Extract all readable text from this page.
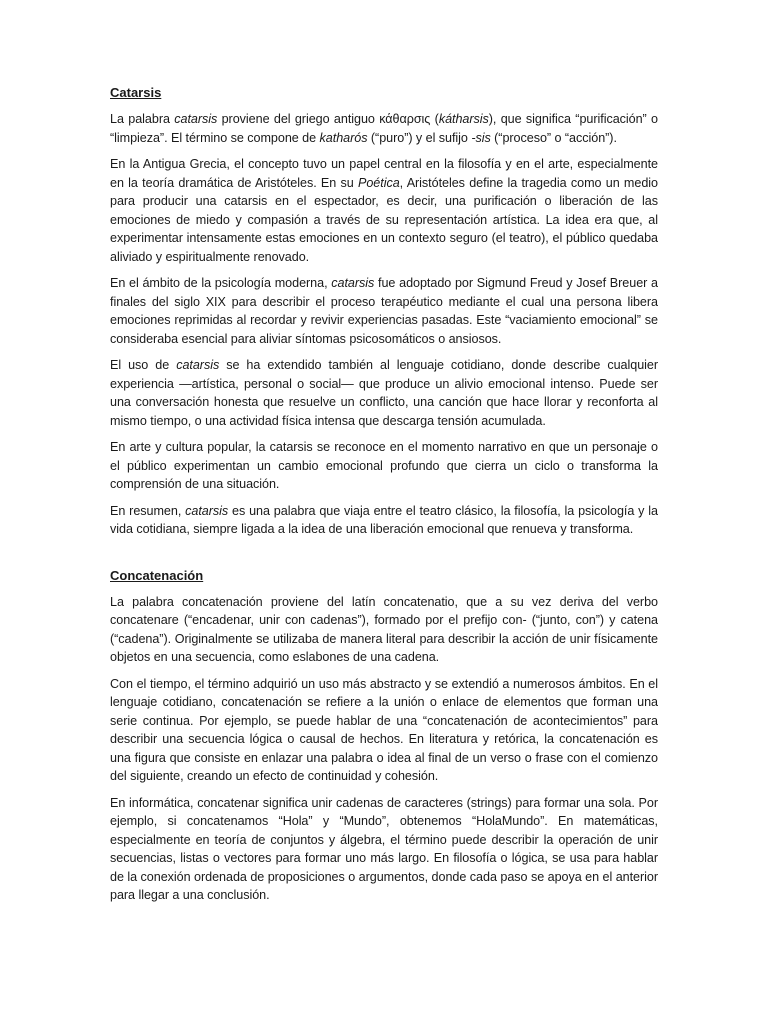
Catarsis

La palabra catarsis proviene del griego antiguo κάθαρσις (kátharsis), que significa “purificación” o “limpieza”. El término se compone de katharós (“puro”) y el sufijo -sis (“proceso” o “acción”).

En la Antigua Grecia, el concepto tuvo un papel central en la filosofía y en el arte, especialmente en la teoría dramática de Aristóteles. En su Poética, Aristóteles define la tragedia como un medio para producir una catarsis en el espectador, es decir, una purificación o liberación de las emociones de miedo y compasión a través de su representación artística. La idea era que, al experimentar intensamente estas emociones en un contexto seguro (el teatro), el público quedaba aliviado y espiritualmente renovado.

En el ámbito de la psicología moderna, catarsis fue adoptado por Sigmund Freud y Josef Breuer a finales del siglo XIX para describir el proceso terapéutico mediante el cual una persona libera emociones reprimidas al recordar y revivir experiencias pasadas. Este “vaciamiento emocional” se consideraba esencial para aliviar síntomas psicosomáticos o ansiosos.

El uso de catarsis se ha extendido también al lenguaje cotidiano, donde describe cualquier experiencia —artística, personal o social— que produce un alivio emocional intenso. Puede ser una conversación honesta que resuelve un conflicto, una canción que hace llorar y reconforta al mismo tiempo, o una actividad física intensa que descarga tensión acumulada.

En arte y cultura popular, la catarsis se reconoce en el momento narrativo en que un personaje o el público experimentan un cambio emocional profundo que cierra un ciclo o transforma la comprensión de una situación.

En resumen, catarsis es una palabra que viaja entre el teatro clásico, la filosofía, la psicología y la vida cotidiana, siempre ligada a la idea de una liberación emocional que renueva y transforma.

Concatenación

La palabra concatenación proviene del latín concatenatio, que a su vez deriva del verbo concatenare (“encadenar, unir con cadenas”), formado por el prefijo con- (“junto, con”) y catena (“cadena”). Originalmente se utilizaba de manera literal para describir la acción de unir físicamente objetos en una secuencia, como eslabones de una cadena.

Con el tiempo, el término adquirió un uso más abstracto y se extendió a numerosos ámbitos. En el lenguaje cotidiano, concatenación se refiere a la unión o enlace de elementos que forman una serie continua. Por ejemplo, se puede hablar de una “concatenación de acontecimientos” para describir una secuencia lógica o causal de hechos. En literatura y retórica, la concatenación es una figura que consiste en enlazar una palabra o idea al final de un verso o frase con el comienzo del siguiente, creando un efecto de continuidad y cohesión.

En informática, concatenar significa unir cadenas de caracteres (strings) para formar una sola. Por ejemplo, si concatenamos “Hola” y “Mundo”, obtenemos “HolaMundo”. En matemáticas, especialmente en teoría de conjuntos y álgebra, el término puede describir la operación de unir secuencias, listas o vectores para formar uno más largo. En filosofía o lógica, se usa para hablar de la conexión ordenada de proposiciones o argumentos, donde cada paso se apoya en el anterior para llegar a una conclusión.
